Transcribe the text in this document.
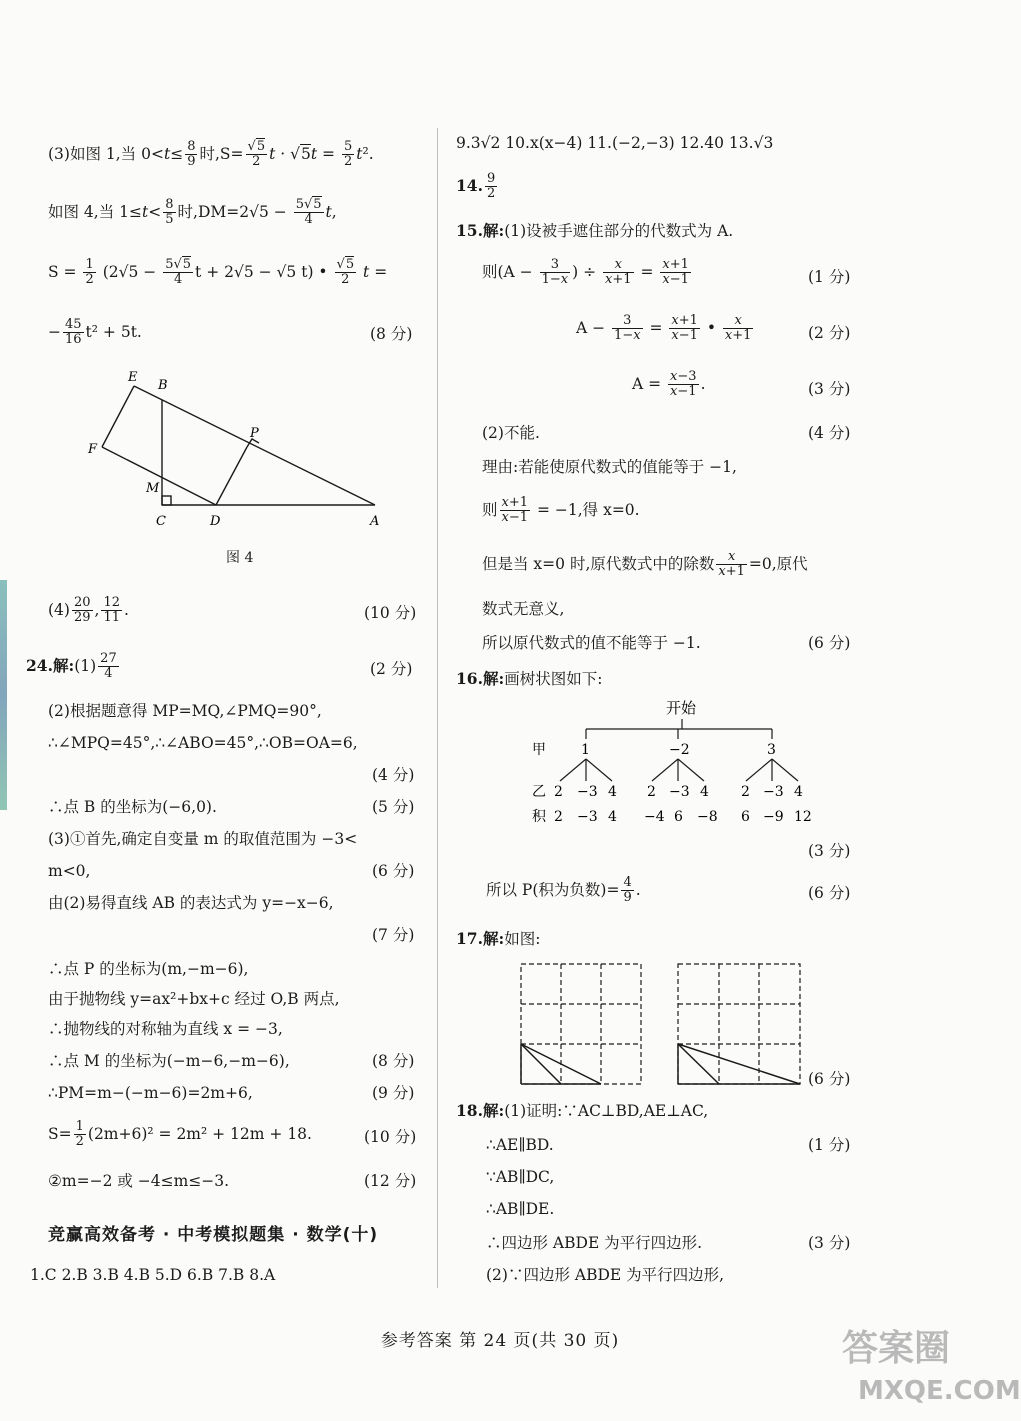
(3)如图 1,当 $0<t\le \frac{8}{9}$ 时$,S= \frac{√5}{2}$ $t \cdot √5t = \frac{5}{2} t^2$.
如图 4,当 $1\le t< \frac{8}{5}$ 时$,DM=2√5 - \frac{5√5}{4} t$,
$S = \frac{1}{2} (2√5 - \frac{5√5}{4}$ t + 2√5 − √5 t) • $\frac{√5}{2}$ t =
− $\frac{45}{16} t^2 + 5t$.	(8 分)
E
B
P
F
M
C	D	A
图 4
$(4) \frac{20}{29}$ , $\frac{12}{11}$ .	(10 分)
24.解:(1) $\frac{27}{4}$	(2 分)
(2)根据题意得 MP=MQ,∠PMQ=90°,
∴∠MPQ=45°,∴∠ABO=45°,∴OB=OA=6,
(4 分)
∴点 B 的坐标为(−6,0).	(5 分)
(3)①首先,确定自变量 m 的取值范围为 −3<
m<0,	(6 分)
由(2)易得直线 AB 的表达式为 y=−x−6,
(7 分)
∴点 P 的坐标为(m,−m−6),
由于抛物线 y=ax²+bx+c 经过 O,B 两点,
∴抛物线的对称轴为直线 x = −3,
∴点 M 的坐标为(−m−6,−m−6),	(8 分)
∴PM=m−(−m−6)=2m+6,	(9 分)
$S= \frac{1}{2} (2m+6)^2 = 2m^2 + 12m + 18$.	(10 分)
②m=−2 或 −4≤m≤−3.	(12 分)
竞赢高效备考 · 中考模拟题集 · 数学(十)
1.C 2.B 3.B 4.B 5.D 6.B 7.B 8.A
9.3√2 10.x(x−4) 11.(−2,−3) 12.40 13.√3
14. $\frac{9}{2}$
15.解:(1)设被手遮住部分的代数式为 A.
则($A - \frac{3}{1-x}$ ) ÷ $\frac{x}{x+1} = \frac{x+1}{x-1}$	(1 分)
$A - \frac{3}{1-x} = \frac{x+1}{x-1}$ • $\frac{x}{x+1}$	(2 分)
$A = \frac{x-3}{x-1}$ .	(3 分)
(2)不能.	(4 分)
理由:若能使原代数式的值能等于 −1,
则 $\frac{x+1}{x-1} = -1$,得 x=0.
但是当 x=0 时,原代数式中的除数 $\frac{x}{x+1} =0$,原代
数式无意义,
所以原代数式的值不能等于 −1.	(6 分)
16.解:画树状图如下:
开始
甲	1	−2	3
乙 2 −3 4 2 −3 4 2 −3 4
积 2 −3 4 −4 6 −8 6 −9 12
(3 分)
所以 P(积为负数)= $\frac{4}{9}$ .	(6 分)
17.解:如图:
(6 分)
18.解:(1)证明:∵AC⊥BD,AE⊥AC,
∴AE∥BD.	(1 分)
∵AB∥DC,
∴AB∥DE.
∴四边形 ABDE 为平行四边形.	(3 分)
(2)∵四边形 ABDE 为平行四边形,
参考答案 第 24 页(共 30 页)	答案圈
MXQE.COM
